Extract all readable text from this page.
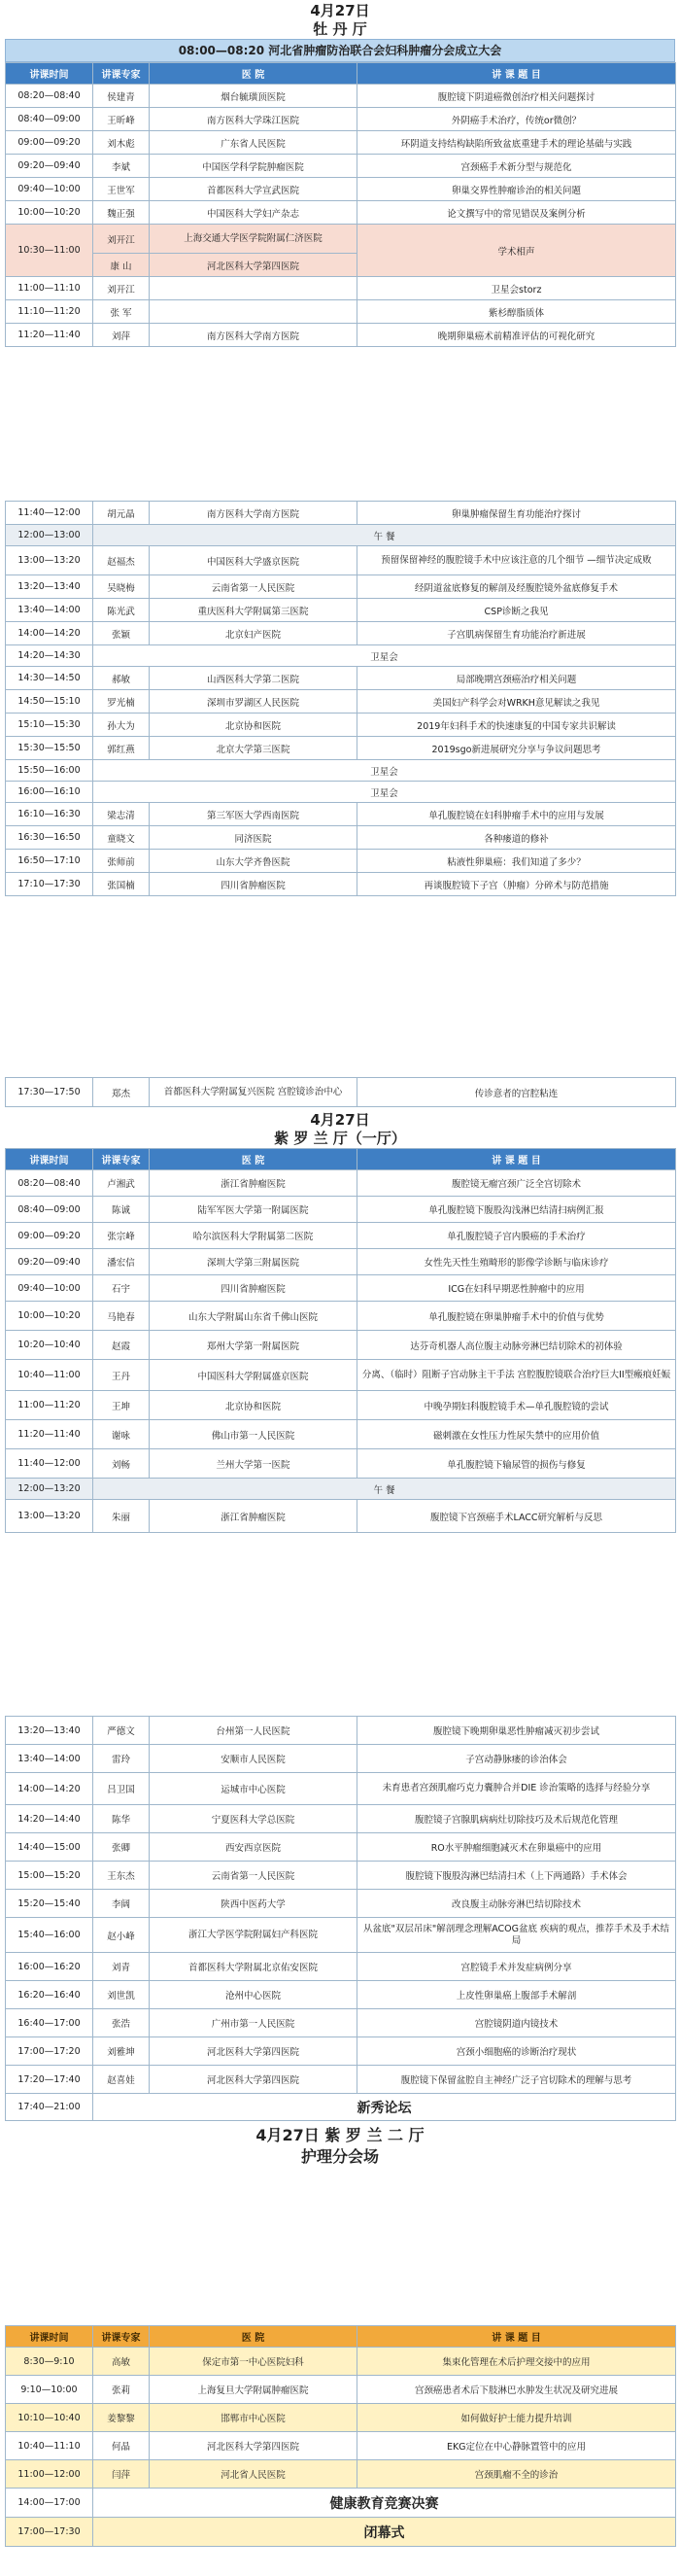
4月27日
牡 丹 厅
08:00—08:20 河北省肿瘤防治联合会妇科肿瘤分会成立大会
讲课时间	讲课专家	医 院	讲 课 题 目
08:20—08:40	侯建青	烟台毓璜顶医院	腹腔镜下阴道癌微创治疗相关问题探讨
08:40—09:00	王昕峰	南方医科大学珠江医院	外阴癌手术治疗，传统or微创？
09:00—09:20	刘木彪	广东省人民医院	环阴道支持结构缺陷所致盆底重建手术的理论基础与实践
09:20—09:40	李斌	中国医学科学院肿瘤医院	宫颈癌手术新分型与规范化
09:40—10:00	王世军	首都医科大学宣武医院	卵巢交界性肿瘤诊治的相关问题
10:00—10:20	魏正强	中国医科大学妇产杂志	论文撰写中的常见错误及案例分析
10:30—11:00	刘开江	上海交通大学医学院附属仁济医院	学术相声
	康 山	河北医科大学第四医院	
11:00—11:10	刘开江		卫星会storz
11:10—11:20	张 军		紫杉醇脂质体
11:20—11:40	刘萍	南方医科大学南方医院	晚期卵巢癌术前精准评估的可视化研究
11:40—12:00	胡元晶	南方医科大学南方医院	卵巢肿瘤保留生育功能治疗探讨
12:00—13:00	午 餐		
13:00—13:20	赵福杰	中国医科大学盛京医院	预留保留神经的腹腔镜手术中应该注意的几个细节 —细节决定成败
13:20—13:40	吴晓梅	云南省第一人民医院	经阴道盆底修复的解剖及经腹腔镜外盆底修复手术
13:40—14:00	陈光武	重庆医科大学附属第三医院	CSP诊断之我见
14:00—14:20	张颖	北京妇产医院	子宫肌病保留生育功能治疗新进展
14:20—14:30	卫星会		
14:30—14:50	郝敏	山西医科大学第二医院	局部晚期宫颈癌治疗相关问题
14:50—15:10	罗光楠	深圳市罗湖区人民医院	美国妇产科学会对WRKH意见解读之我见
15:10—15:30	孙大为	北京协和医院	2019年妇科手术的快速康复的中国专家共识解读
15:30—15:50	郭红燕	北京大学第三医院	2019sgo新进展研究分享与争议问题思考
15:50—16:00	卫星会		
16:00—16:10	卫星会		
16:10—16:30	梁志清	第三军医大学西南医院	单孔腹腔镜在妇科肿瘤手术中的应用与发展
16:30—16:50	童晓文	同济医院	各种瘘道的修补
16:50—17:10	张师前	山东大学齐鲁医院	粘液性卵巢癌：我们知道了多少？
17:10—17:30	张国楠	四川省肿瘤医院	再谈腹腔镜下子宫（肿瘤）分碎术与防范措施
17:30—17:50	郑杰	首都医科大学附属复兴医院 宫腔镜诊治中心	传诊意者的宫腔粘连
4月27日
紫 罗 兰 厅（一厅）
讲课时间	讲课专家	医 院	讲 课 题 目
08:20—08:40	卢湘武	浙江省肿瘤医院	腹腔镜无瘤宫颈广泛全宫切除术
08:40—09:00	陈诚	陆军军医大学第一附属医院	单孔腹腔镜下腹股沟浅淋巴结清扫病例汇报
09:00—09:20	张宗峰	哈尔滨医科大学附属第二医院	单孔腹腔镜子宫内膜癌的手术治疗
09:20—09:40	潘宏信	深圳大学第三附属医院	女性先天性生殖畸形的影像学诊断与临床诊疗
09:40—10:00	石宇	四川省肿瘤医院	ICG在妇科早期恶性肿瘤中的应用
10:00—10:20	马艳春	山东大学附属山东省千佛山医院	单孔腹腔镜在卵巢肿瘤手术中的价值与优势
10:20—10:40	赵霞	郑州大学第一附属医院	达芬奇机器人高位腹主动脉旁淋巴结切除术的初体验
10:40—11:00	王丹	中国医科大学附属盛京医院	分离、（临时）阻断子宫动脉主干手法 宫腔腹腔镜联合治疗巨大II型瘢痕妊娠
11:00—11:20	王坤	北京协和医院	中晚孕期妇科腹腔镜手术—单孔腹腔镜的尝试
11:20—11:40	谢咏	佛山市第一人民医院	磁刺激在女性压力性尿失禁中的应用价值
11:40—12:00	刘畅	兰州大学第一医院	单孔腹腔镜下输尿管的损伤与修复
12:00—13:20	午 餐		
13:00—13:20	朱丽	浙江省肿瘤医院	腹腔镜下宫颈癌手术LACC研究解析与反思
13:20—13:40	严德文	台州第一人民医院	腹腔镜下晚期卵巢恶性肿瘤减灭初步尝试
13:40—14:00	雷玲	安顺市人民医院	子宫动静脉瘘的诊治体会
14:00—14:20	吕卫国	运城市中心医院	未育患者宫颈肌瘤巧克力囊肿合并DIE 诊治策略的选择与经验分享
14:20—14:40	陈华	宁夏医科大学总医院	腹腔镜子宫腺肌病病灶切除技巧及术后规范化管理
14:40—15:00	张卿	西安西京医院	RO水平肿瘤细胞减灭术在卵巢癌中的应用
15:00—15:20	王东杰	云南省第一人民医院	腹腔镜下腹股沟淋巴结清扫术（上下两通路）手术体会
15:20—15:40	李阔	陕西中医药大学	改良腹主动脉旁淋巴结切除技术
15:40—16:00	赵小峰	浙江大学医学院附属妇产科医院	从盆底"双层吊床"解剖理念理解ACOG盆底 疾病的观点，推荐手术及手术结局
16:00—16:20	刘青	首都医科大学附属北京佑安医院	宫腔镜手术并发症病例分享
16:20—16:40	刘世凯	沧州中心医院	上皮性卵巢癌上腹部手术解剖
16:40—17:00	张浩	广州市第一人民医院	宫腔镜阴道内镜技术
17:00—17:20	刘雅坤	河北医科大学第四医院	宫颈小细胞癌的诊断治疗现状
17:20—17:40	赵喜娃	河北医科大学第四医院	腹腔镜下保留盆腔自主神经广泛子宫切除术的理解与思考
17:40—21:00	新秀论坛		
4月27日 紫 罗 兰 二 厅
护理分会场
讲课时间	讲课专家	医 院	讲 课 题 目
8:30—9:10	高敏	保定市第一中心医院妇科	集束化管理在术后护理交接中的应用
9:10—10:00	张莉	上海复旦大学附属肿瘤医院	宫颈癌患者术后下肢淋巴水肿发生状况及研究进展
10:10—10:40	姜黎黎	邯郸市中心医院	如何做好护士能力提升培训
10:40—11:10	何晶	河北医科大学第四医院	EKG定位在中心静脉置管中的应用
11:00—12:00	闫萍	河北省人民医院	宫颈肌瘤不全的诊治
14:00—17:00	健康教育竞赛决赛		
17:00—17:30	闭幕式		
